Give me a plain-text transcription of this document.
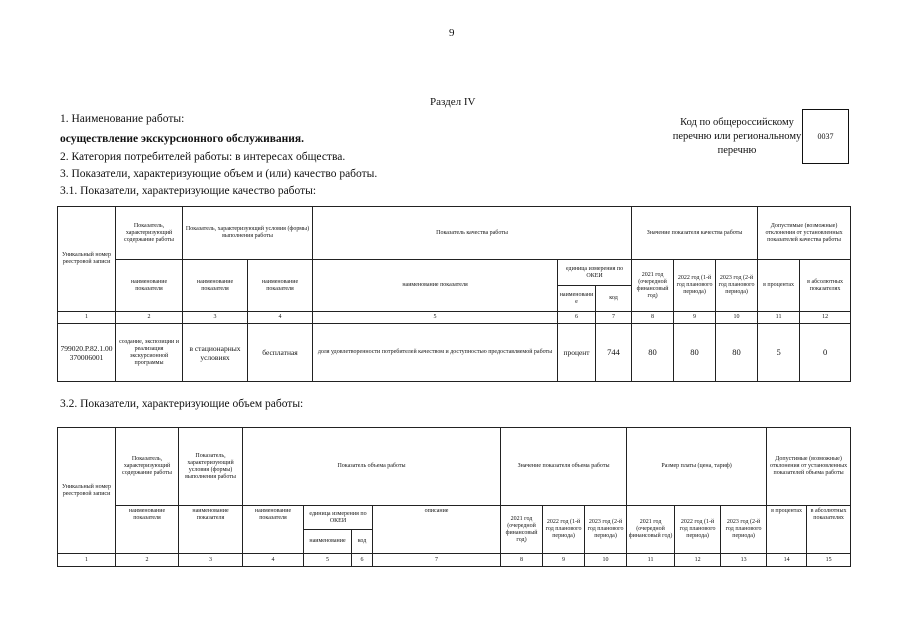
9
Раздел IV
1. Наименование работы:
осуществление экскурсионного обслуживания.
2. Категория потребителей работы: в интересах общества.
3. Показатели, характеризующие объем и (или) качество работы.
3.1. Показатели, характеризующие качество работы:
Код по общероссийскому перечню или региональному перечню
0037
Уникальный номер реестровой записи	Показатель, характеризующий содержание работы	Показатель, характеризующий условия (формы) выполнения работы		Показатель качества работы			Значение показателя качества работы			Допустимые (возможные) отклонения от установленных показателей качества работы	
	наименование показателя	наименование показателя	наименование показателя	наименование показателя	единица измерения по ОКЕИ		2021 год (очередной финансовый год)	2022 год (1-й год планового периода)	2023 год (2-й год планового периода)	в процентах	в абсолютных показателях
					наименование	код					
1	2	3	4	5	6	7	8	9	10	11	12
799020.Р.82.1.00370006001	создание, экспозиции и реализация экскурсионной программы	в стационарных условиях	бесплатная	доля удовлетворенности потребителей качеством и доступностью предоставляемой работы	процент	744	80	80	80	5	0
3.2. Показатели, характеризующие объем работы:
Уникальный номер реестровой записи	Показатель, характеризующий содержание работы	Показатель, характеризующий условия (формы) выполнения работы	Показатель объема работы				Значение показателя объема работы			Размер платы (цена, тариф)			Допустимые (возможные) отклонения от установленных показателей объема работы	
	наименование показателя	наименование показателя	наименование показателя	единица измерения по ОКЕИ		описание	2021 год (очередной финансовый год)	2022 год (1-й год планового периода)	2023 год (2-й год планового периода)	2021 год (очередной финансовый год)	2022 год (1-й год планового периода)	2023 год (2-й год планового периода)	в процентах	в абсолютных показателях
				наименование	код									
1	2	3	4	5	6	7	8	9	10	11	12	13	14	15
